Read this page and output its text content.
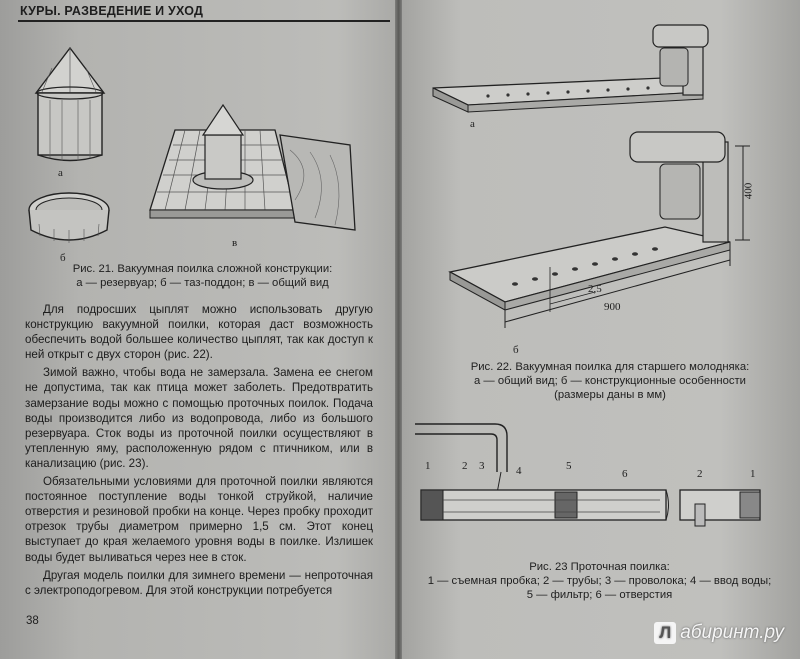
КУРЫ. РАЗВЕДЕНИЕ И УХОД
а
б
в
Рис. 21. Вакуумная поилка сложной конструкции:
а — резервуар; б — таз-поддон; в — общий вид

Для подросших цыплят можно использовать другую конструкцию вакуумной поилки, которая даст возможность обеспечить водой большее количество цыплят, так как доступ к ней открыт с двух сторон (рис. 22).

Зимой важно, чтобы вода не замерзала. Замена ее снегом не допустима, так как птица может заболеть. Предотвратить замерзание воды можно с помощью проточных поилок. Подача воды производится либо из водопровода, либо из большого резервуара. Сток воды из проточной поилки осуществляют в утепленную яму, расположенную рядом с птичником, или в канализацию (рис. 23).

Обязательными условиями для проточной поилки являются постоянное поступление воды тонкой струйкой, наличие отверстия и резиновой пробки на конце. Через пробку проходит отрезок трубы диаметром примерно 1,5 см. Этот конец выступает до края желаемого уровня воды в поилке. Излишек воды будет выливаться через нее в сток.

Другая модель поилки для зимнего времени — непроточная с электроподогревом. Для этой конструкции потребуется

38
а
400
2,5
900
б
Рис. 22. Вакуумная поилка для старшего молодняка:
а — общий вид; б — конструкционные особенности
(размеры даны в мм)
1	2 3	4	5
6	2	1
Рис. 23 Проточная поилка:
1 — съемная пробка; 2 — трубы; 3 — проволока; 4 — ввод воды;
5 — фильтр; 6 — отверстия
Л абиринт.ру
